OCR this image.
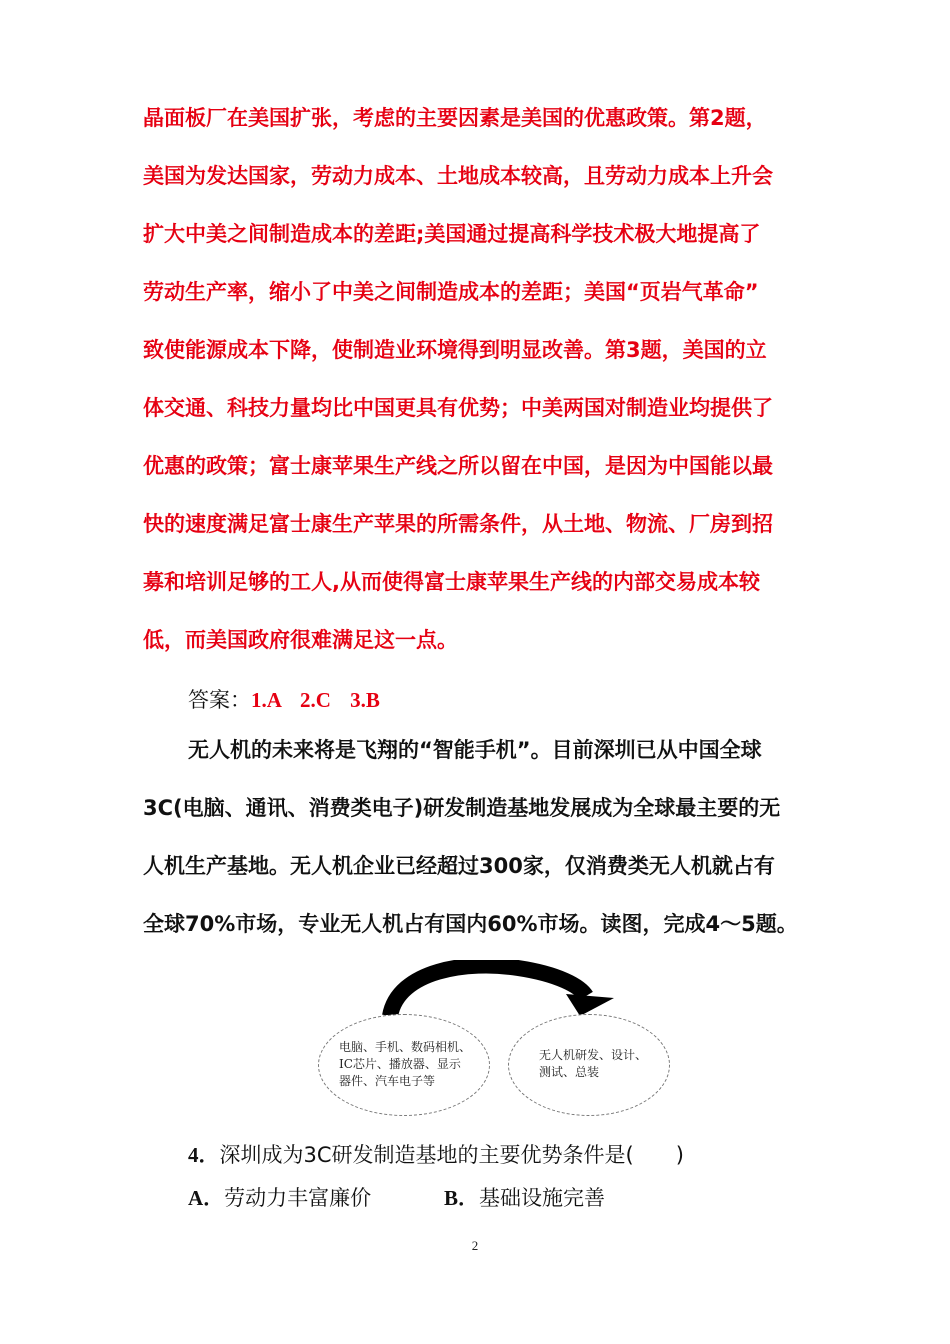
晶面板厂在美国扩张，考虑的主要因素是美国的优惠政策。第2题，
美国为发达国家，劳动力成本、土地成本较高，且劳动力成本上升会
扩大中美之间制造成本的差距;美国通过提高科学技术极大地提高了
劳动生产率，缩小了中美之间制造成本的差距；美国“页岩气革命”
致使能源成本下降，使制造业环境得到明显改善。第3题，美国的立
体交通、科技力量均比中国更具有优势；中美两国对制造业均提供了
优惠的政策；富士康苹果生产线之所以留在中国，是因为中国能以最
快的速度满足富士康生产苹果的所需条件，从土地、物流、厂房到招
募和培训足够的工人,从而使得富士康苹果生产线的内部交易成本较
低，而美国政府很难满足这一点。
答案：1.A 2.C 3.B
无人机的未来将是飞翔的“智能手机”。目前深圳已从中国全球
3C(电脑、通讯、消费类电子)研发制造基地发展成为全球最主要的无
人机生产基地。无人机企业已经超过300家，仅消费类无人机就占有
全球70%市场，专业无人机占有国内60%市场。读图，完成4～5题。
电脑、手机、数码相机、
IC芯片、播放器、显示
器件、汽车电子等
无人机研发、设计、
测试、总装
4．深圳成为3C研发制造基地的主要优势条件是(　　)
A．劳动力丰富廉价	B．基础设施完善
2
